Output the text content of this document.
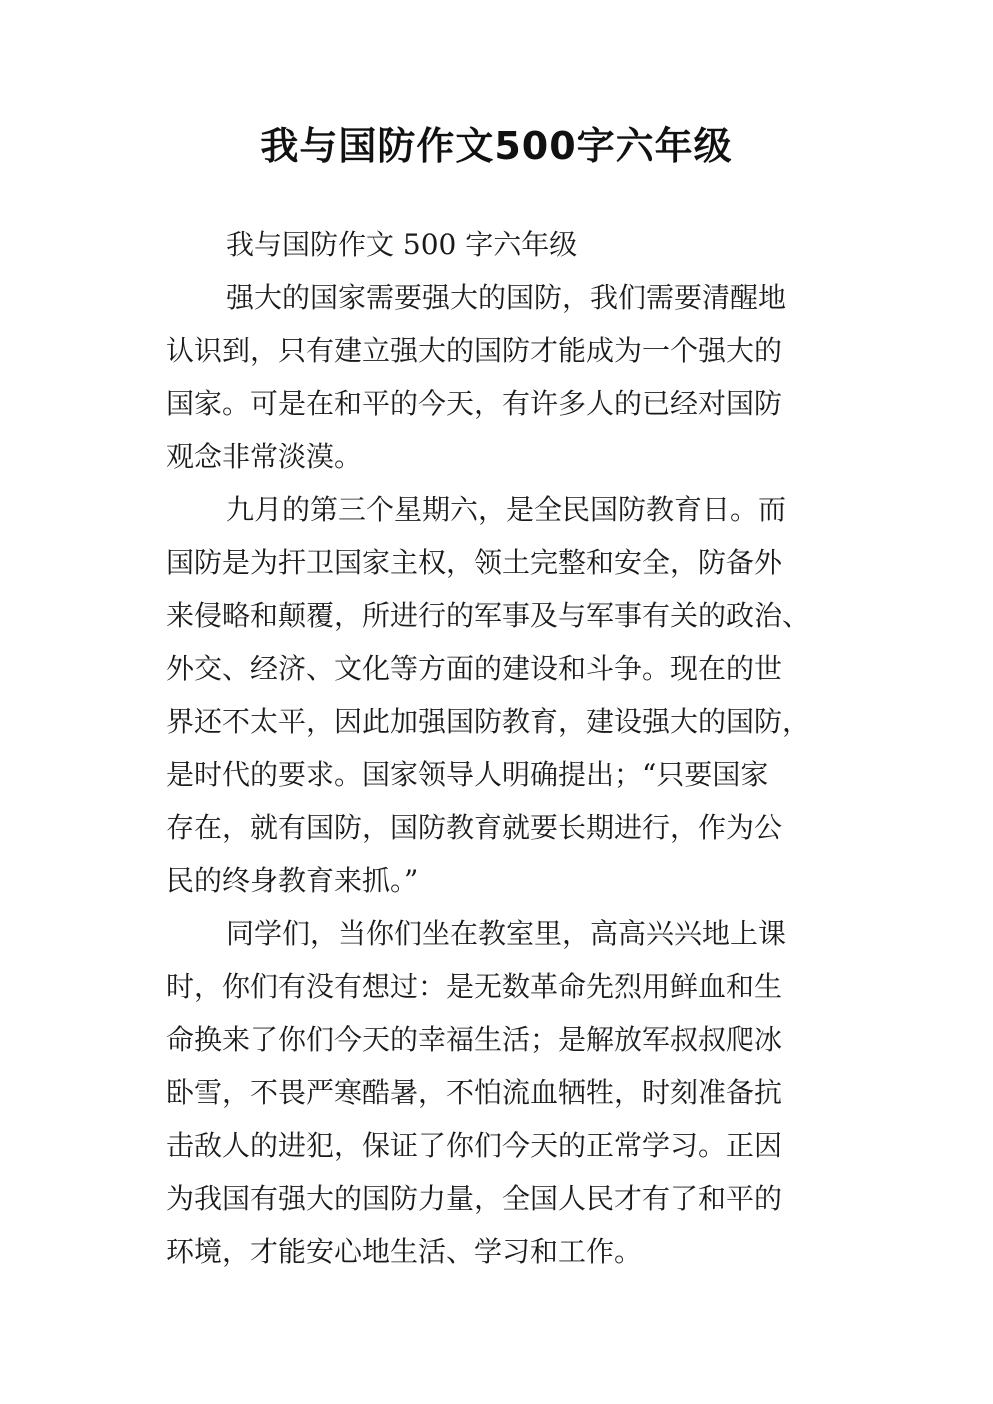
我与国防作文500字六年级

我与国防作文 500 字六年级

强大的国家需要强大的国防，我们需要清醒地
认识到，只有建立强大的国防才能成为一个强大的
国家。可是在和平的今天，有许多人的已经对国防
观念非常淡漠。

九月的第三个星期六，是全民国防教育日。而
国防是为扞卫国家主权，领土完整和安全，防备外
来侵略和颠覆，所进行的军事及与军事有关的政治、
外交、经济、文化等方面的建设和斗争。现在的世
界还不太平，因此加强国防教育，建设强大的国防，
是时代的要求。国家领导人明确提出；“只要国家
存在，就有国防，国防教育就要长期进行，作为公
民的终身教育来抓。”

同学们，当你们坐在教室里，高高兴兴地上课
时，你们有没有想过：是无数革命先烈用鲜血和生
命换来了你们今天的幸福生活；是解放军叔叔爬冰
卧雪，不畏严寒酷暑，不怕流血牺牲，时刻准备抗
击敌人的进犯，保证了你们今天的正常学习。正因
为我国有强大的国防力量，全国人民才有了和平的
环境，才能安心地生活、学习和工作。
